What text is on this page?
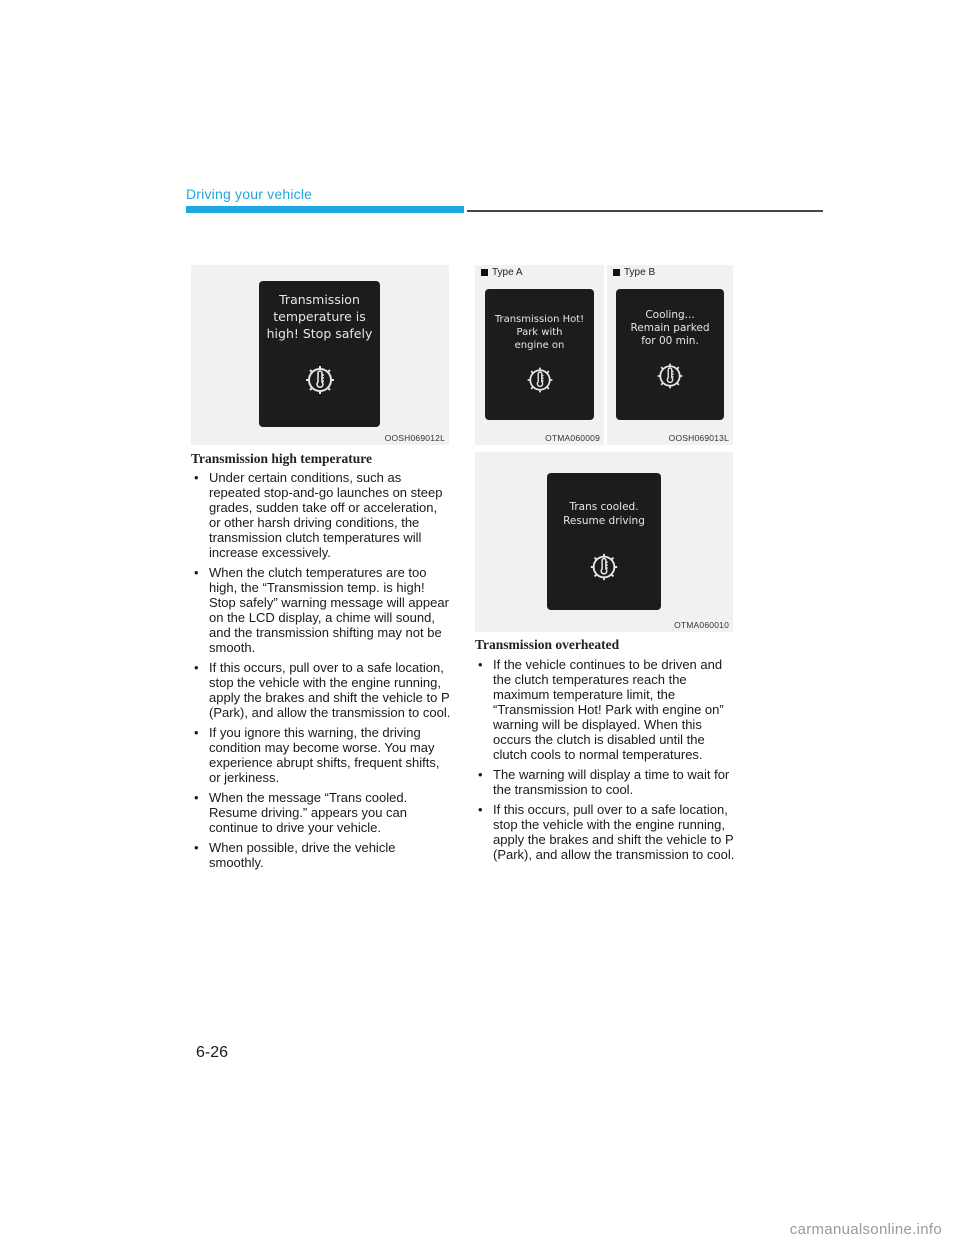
Driving your vehicle
Transmission
temperature is
high! Stop safely
OOSH069012L
Type A
Transmission Hot!
Park with
engine on
OTMA060009
Type B
Cooling...
Remain parked
for 00 min.
OOSH069013L
Trans cooled.
Resume driving
OTMA060010
Transmission high temperature
• Under certain conditions, such as repeated stop-and-go launches on steep grades, sudden take off or acceleration, or other harsh driving conditions, the transmission clutch temperatures will increase excessively.
• When the clutch temperatures are too high, the “Transmission temp. is high! Stop safely” warning message will appear on the LCD display, a chime will sound, and the transmission shifting may not be smooth.
• If this occurs, pull over to a safe location, stop the vehicle with the engine running, apply the brakes and shift the vehicle to P (Park), and allow the transmission to cool.
• If you ignore this warning, the driving condition may become worse. You may experience abrupt shifts, frequent shifts, or jerkiness.
• When the message “Trans cooled. Resume driving.” appears you can continue to drive your vehicle.
• When possible, drive the vehicle smoothly.
Transmission overheated
• If the vehicle continues to be driven and the clutch temperatures reach the maximum temperature limit, the “Transmission Hot! Park with engine on” warning will be displayed. When this occurs the clutch is disabled until the clutch cools to normal temperatures.
• The warning will display a time to wait for the transmission to cool.
• If this occurs, pull over to a safe location, stop the vehicle with the engine running, apply the brakes and shift the vehicle to P (Park), and allow the transmission to cool.
6-26
carmanualsonline.info
